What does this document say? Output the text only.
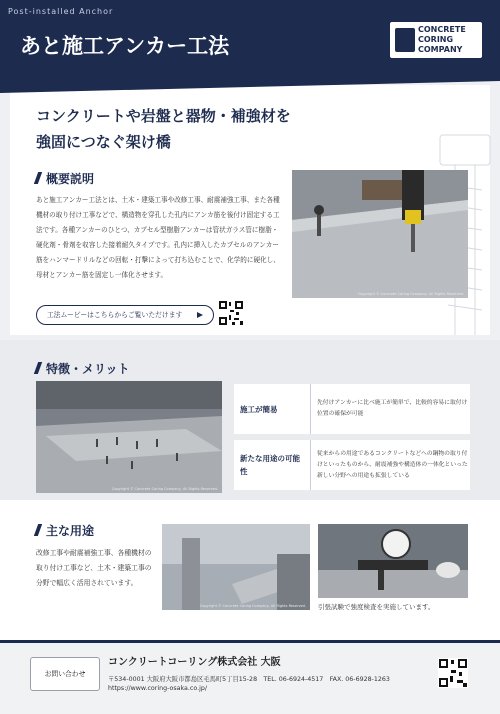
Post-installed Anchor
あと施工アンカー工法
CONCRETE
CORING
COMPANY
コンクリートや岩盤と器物・補強材を
強固につなぐ架け橋
概要説明
あと施工アンカー工法とは、土木・建築工事や改修工事、耐震補強工事、また各種機材の取り付け工事などで、構造物を穿孔した孔内にアンカ筋を後付け固定する工法です。各種アンカーのひとつ、カプセル型樹脂アンカーは管状ガラス管に樹脂・硬化剤・骨剤を収容した接着耐久タイプです。孔内に挿入したカプセルのアンカー筋をハンマードリルなどの回転・打撃によって打ち込むことで、化学的に硬化し、母材とアンカー筋を固定し一体化させます。
Copyright © Concrete Coring Company, All Rights Reserved.
工法ムービーはこちらからご覧いただけます
特徴・メリット
Copyright © Concrete Coring Company, All Rights Reserved.
施工が簡易
先付けアンカーに比べ施工が簡単で、比較的容易に取付け位置の確保が可能
新たな用途の可能性
従来からの用途であるコンクリートなどへの鋼物の取り付けといったものから、耐震補強や構造体の一体化といった新しい分野への用途も拡張している
主な用途
改修工事や耐震補強工事、各種機材の取り付け工事など、土木・建築工事の分野で幅広く活用されています。
Copyright © Concrete Coring Company, All Rights Reserved. 引張試験で強度検査を実施しています。
お問い合わせ
コンクリートコーリング株式会社 大阪
〒534-0001 大阪府大阪市都島区毛馬町5丁目15-28　TEL. 06-6924-4517　FAX. 06-6928-1263
https://www.coring-osaka.co.jp/
